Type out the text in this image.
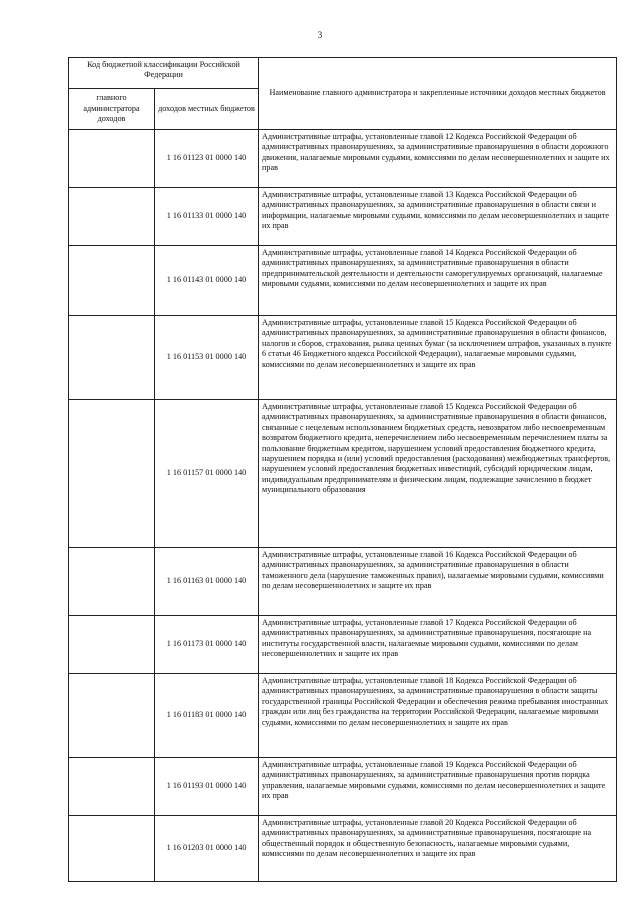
3
Код бюджетной классификации Российской Федерации		Наименование главного администратора и закрепленные источники доходов местных бюджетов
главного администратора доходов	доходов местных бюджетов	
	1 16 01123 01 0000 140	Административные штрафы, установленные главой 12 Кодекса Российской Федерации об административных правонарушениях, за административные правонарушения в области дорожного движения, налагаемые мировыми судьями, комиссиями по делам несовершеннолетних и защите их прав
	1 16 01133 01 0000 140	Административные штрафы, установленные главой 13 Кодекса Российской Федерации об административных правонарушениях, за административные правонарушения в области связи и информации, налагаемые мировыми судьями, комиссиями по делам несовершеннолетних и защите их прав
	1 16 01143 01 0000 140	Административные штрафы, установленные главой 14 Кодекса Российской Федерации об административных правонарушениях, за административные правонарушения в области предпринимательской деятельности и деятельности саморегулируемых организаций, налагаемые мировыми судьями, комиссиями по делам несовершеннолетних и защите их прав
	1 16 01153 01 0000 140	Административные штрафы, установленные главой 15 Кодекса Российской Федерации об административных правонарушениях, за административные правонарушения в области финансов, налогов и сборов, страхования, рынка ценных бумаг (за исключением штрафов, указанных в пункте 6 статьи 46 Бюджетного кодекса Российской Федерации), налагаемые мировыми судьями, комиссиями по делам несовершеннолетних и защите их прав
	1 16 01157 01 0000 140	Административные штрафы, установленные главой 15 Кодекса Российской Федерации об административных правонарушениях, за административные правонарушения в области финансов, связанные с нецелевым использованием бюджетных средств, невозвратом либо несвоевременным возвратом бюджетного кредита, неперечислением либо несвоевременным перечислением платы за пользование бюджетным кредитом, нарушением условий предоставления бюджетного кредита, нарушением порядка и (или) условий предоставления (расходования) межбюджетных трансфертов, нарушением условий предоставления бюджетных инвестиций, субсидий юридическим лицам, индивидуальным предпринимателям и физическим лицам, подлежащие зачислению в бюджет муниципального образования
	1 16 01163 01 0000 140	Административные штрафы, установленные главой 16 Кодекса Российской Федерации об административных правонарушениях, за административные правонарушения в области таможенного дела (нарушение таможенных правил), налагаемые мировыми судьями, комиссиями по делам несовершеннолетних и защите их прав
	1 16 01173 01 0000 140	Административные штрафы, установленные главой 17 Кодекса Российской Федерации об административных правонарушениях, за административные правонарушения, посягающие на институты государственной власти, налагаемые мировыми судьями, комиссиями по делам несовершеннолетних и защите их прав
	1 16 01183 01 0000 140	Административные штрафы, установленные главой 18 Кодекса Российской Федерации об административных правонарушениях, за административные правонарушения в области защиты государственной границы Российской Федерации и обеспечения режима пребывания иностранных граждан или лиц без гражданства на территории Российской Федерации, налагаемые мировыми судьями, комиссиями по делам несовершеннолетних и защите их прав
	1 16 01193 01 0000 140	Административные штрафы, установленные главой 19 Кодекса Российской Федерации об административных правонарушениях, за административные правонарушения против порядка управления, налагаемые мировыми судьями, комиссиями по делам несовершеннолетних и защите их прав
	1 16 01203 01 0000 140	Административные штрафы, установленные главой 20 Кодекса Российской Федерации об административных правонарушениях, за административные правонарушения, посягающие на общественный порядок и общественную безопасность, налагаемые мировыми судьями, комиссиями по делам несовершеннолетних и защите их прав
